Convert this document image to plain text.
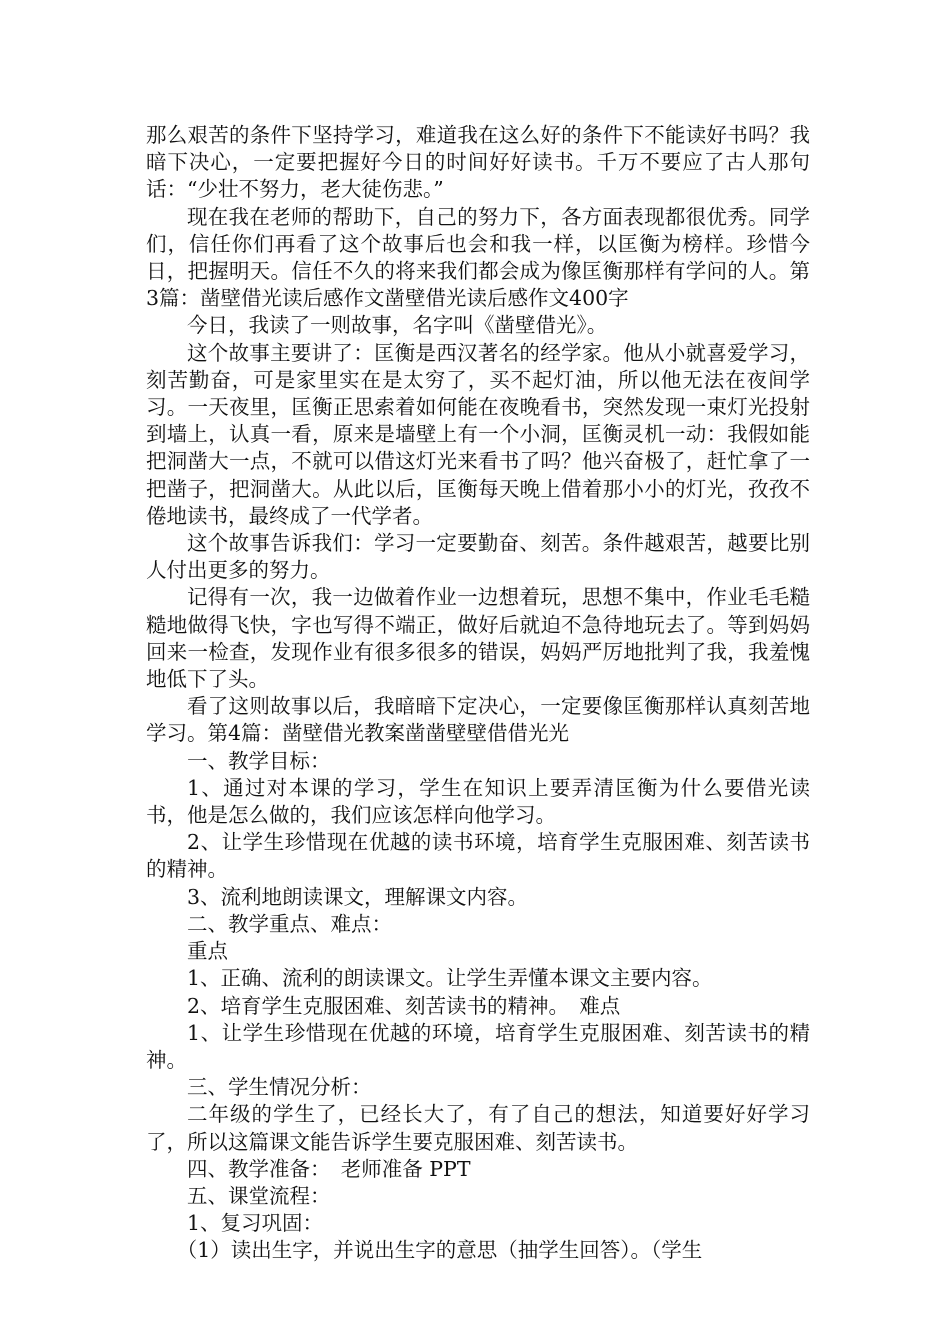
那么艰苦的条件下坚持学习，难道我在这么好的条件下不能读好书吗？我暗下决心，一定要把握好今日的时间好好读书。千万不要应了古人那句话：“少壮不努力，老大徒伤悲。”

现在我在老师的帮助下，自己的努力下，各方面表现都很优秀。同学们，信任你们再看了这个故事后也会和我一样，以匡衡为榜样。珍惜今日，把握明天。信任不久的将来我们都会成为像匡衡那样有学问的人。第3篇：凿壁借光读后感作文凿壁借光读后感作文400字

今日，我读了一则故事，名字叫《凿壁借光》。

这个故事主要讲了：匡衡是西汉著名的经学家。他从小就喜爱学习，刻苦勤奋，可是家里实在是太穷了，买不起灯油，所以他无法在夜间学习。一天夜里，匡衡正思索着如何能在夜晚看书，突然发现一束灯光投射到墙上，认真一看，原来是墙壁上有一个小洞，匡衡灵机一动：我假如能把洞凿大一点，不就可以借这灯光来看书了吗？他兴奋极了，赶忙拿了一把凿子，把洞凿大。从此以后，匡衡每天晚上借着那小小的灯光，孜孜不倦地读书，最终成了一代学者。

这个故事告诉我们：学习一定要勤奋、刻苦。条件越艰苦，越要比别人付出更多的努力。

记得有一次，我一边做着作业一边想着玩，思想不集中，作业毛毛糙糙地做得飞快，字也写得不端正，做好后就迫不急待地玩去了。等到妈妈回来一检查，发现作业有很多很多的错误，妈妈严厉地批判了我，我羞愧地低下了头。

看了这则故事以后，我暗暗下定决心，一定要像匡衡那样认真刻苦地学习。第4篇：凿壁借光教案凿凿壁壁借借光光

一、教学目标：

1、通过对本课的学习，学生在知识上要弄清匡衡为什么要借光读书，他是怎么做的，我们应该怎样向他学习。

2、让学生珍惜现在优越的读书环境，培育学生克服困难、刻苦读书的精神。

3、流利地朗读课文，理解课文内容。

二、教学重点、难点：

重点

1、正确、流利的朗读课文。让学生弄懂本课文主要内容。

2、培育学生克服困难、刻苦读书的精神。　难点

1、让学生珍惜现在优越的环境，培育学生克服困难、刻苦读书的精神。

三、学生情况分析：

二年级的学生了，已经长大了，有了自己的想法，知道要好好学习了，所以这篇课文能告诉学生要克服困难、刻苦读书。

四、教学准备：　老师准备 PPT

五、课堂流程：

1、复习巩固：

（1）读出生字，并说出生字的意思（抽学生回答）。（学生
